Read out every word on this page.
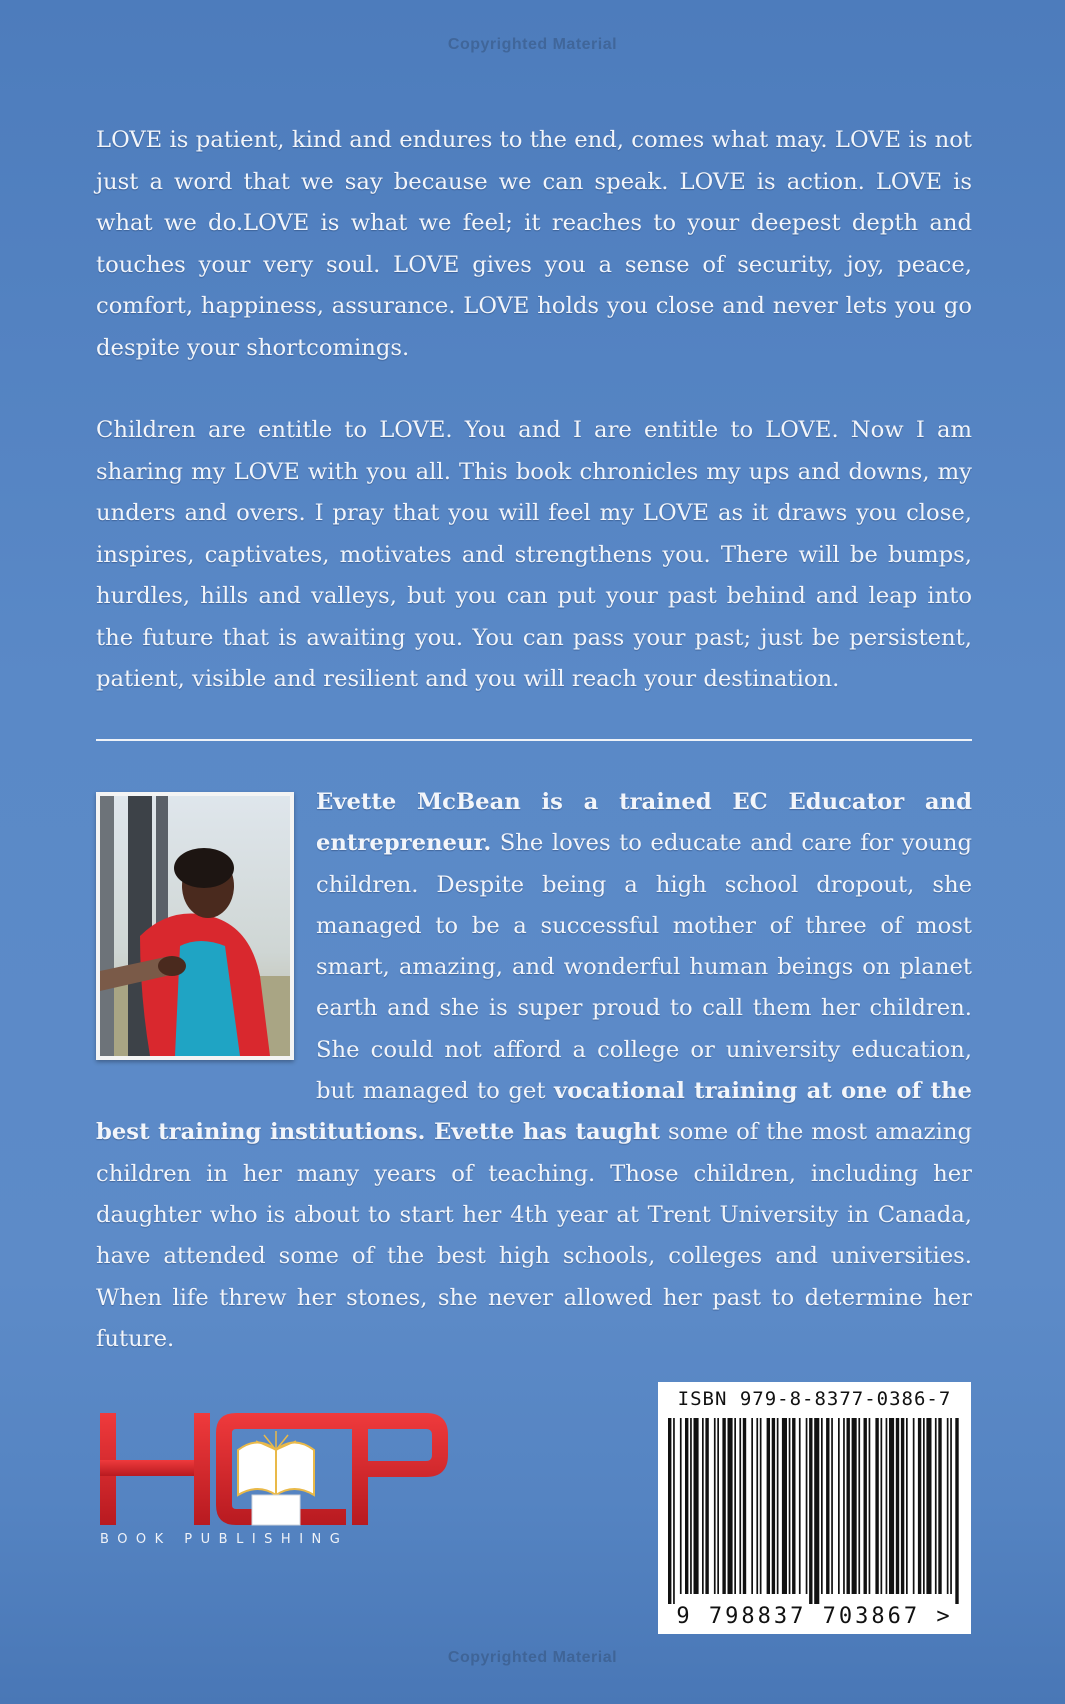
Copyrighted Material

LOVE is patient, kind and endures to the end, comes what may. LOVE is not just a word that we say because we can speak. LOVE is action. LOVE is what we do.LOVE is what we feel; it reaches to your deepest depth and touches your very soul. LOVE gives you a sense of security, joy, peace, comfort, happiness, assurance. LOVE holds you close and never lets you go despite your shortcomings.

Children are entitle to LOVE. You and I are entitle to LOVE. Now I am sharing my LOVE with you all. This book chronicles my ups and downs, my unders and overs. I pray that you will feel my LOVE as it draws you close, inspires, captivates, motivates and strengthens you. There will be bumps, hurdles, hills and valleys, but you can put your past behind and leap into the future that is awaiting you. You can pass your past; just be persistent, patient, visible and resilient and you will reach your destination.

Evette McBean is a trained EC Educator and entrepreneur. She loves to educate and care for young children. Despite being a high school dropout, she managed to be a successful mother of three of most smart, amazing, and wonderful human beings on planet earth and she is super proud to call them her children. She could not afford a college or university education, but managed to get vocational training at one of the best training institutions. Evette has taught some of the most amazing children in her many years of teaching. Those children, including her daughter who is about to start her 4th year at Trent University in Canada, have attended some of the best high schools, colleges and universities. When life threw her stones, she never allowed her past to determine her future.

BOOK PUBLISHING
ISBN 979-8-8377-0386-7
9 798837 703867 >
Copyrighted Material
